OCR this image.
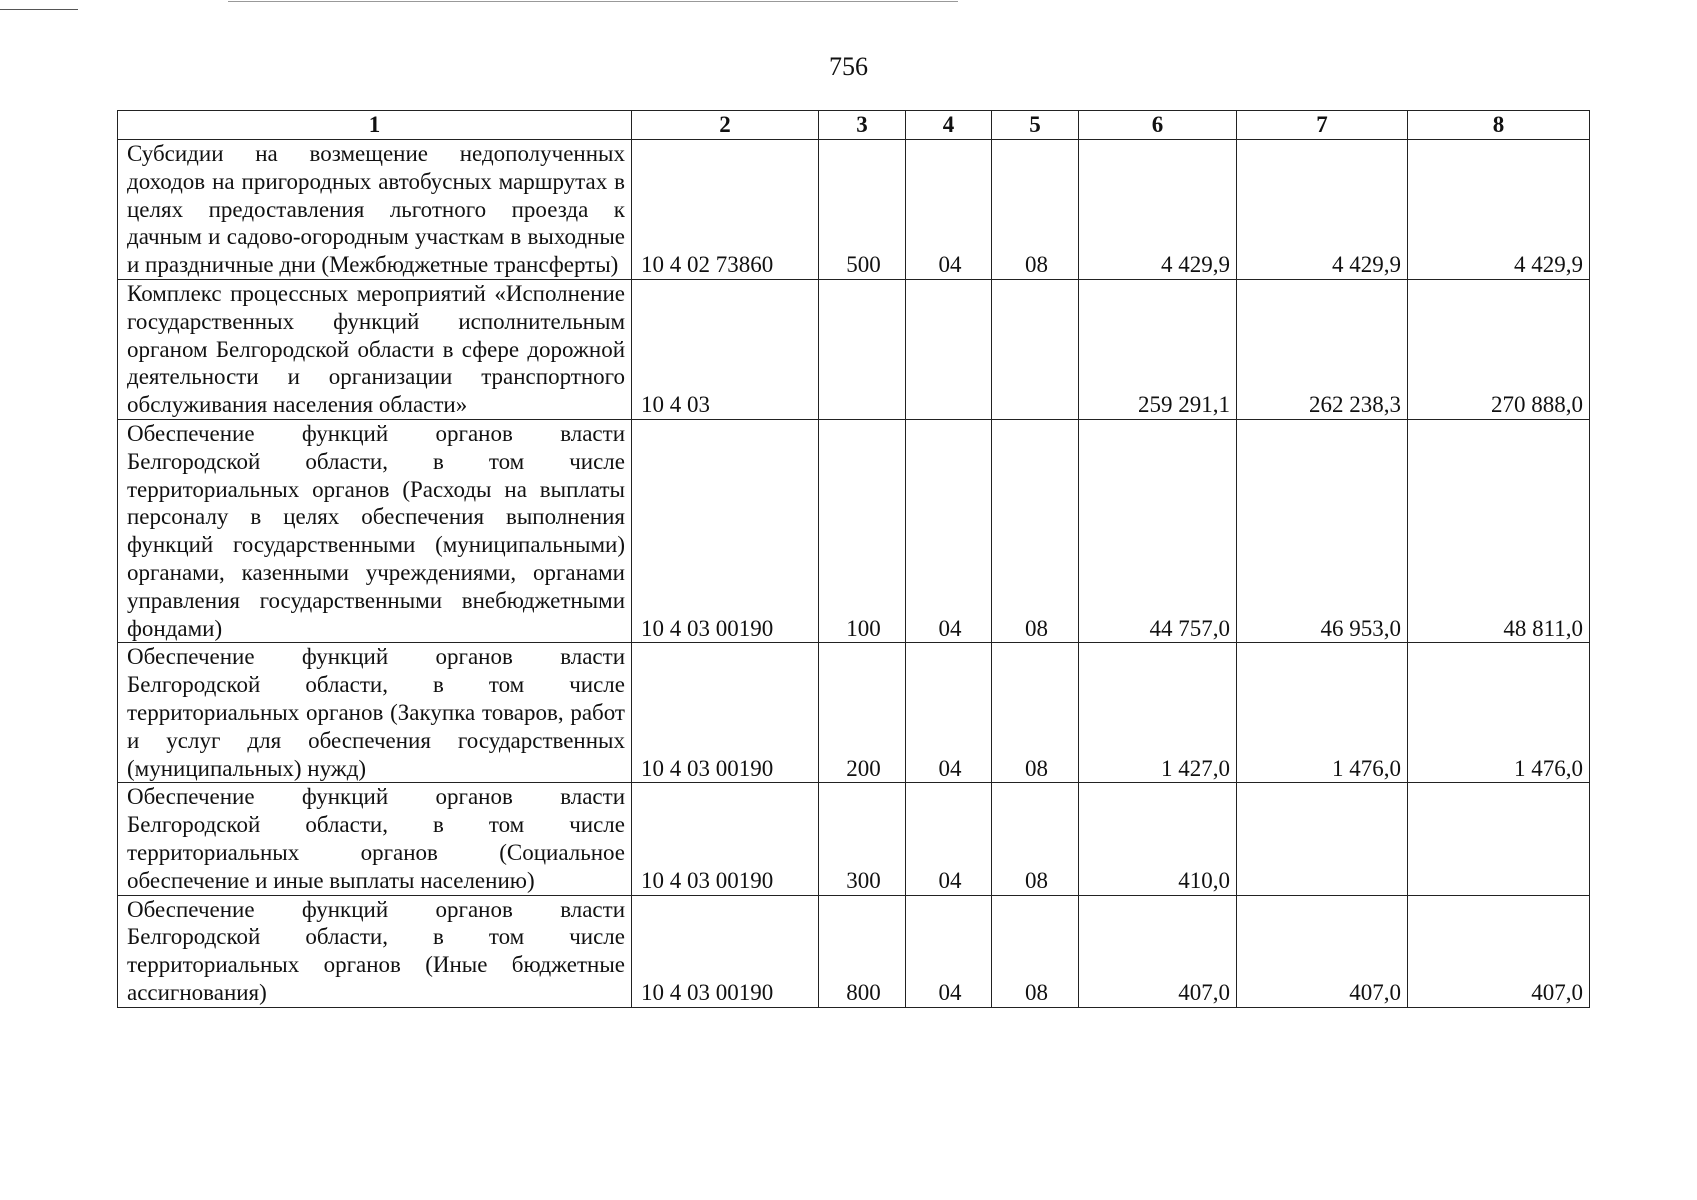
756
1	2	3	4	5	6	7	8
Субсидии на возмещение недополученных доходов на пригородных автобусных маршрутах в целях предоставления льготного проезда к дачным и садово-огородным участкам в выходные и праздничные дни (Межбюджетные трансферты)	10 4 02 73860	500	04	08	4 429,9	4 429,9	4 429,9
Комплекс процессных мероприятий «Исполнение государственных функций исполнительным органом Белгородской области в сфере дорожной деятельности и организации транспортного обслуживания населения области»	10 4 03				259 291,1	262 238,3	270 888,0
Обеспечение функций органов власти Белгородской области, в том числе территориальных органов (Расходы на выплаты персоналу в целях обеспечения выполнения функций государственными (муниципальными) органами, казенными учреждениями, органами управления государственными внебюджетными фондами)	10 4 03 00190	100	04	08	44 757,0	46 953,0	48 811,0
Обеспечение функций органов власти Белгородской области, в том числе территориальных органов (Закупка товаров, работ и услуг для обеспечения государственных (муниципальных) нужд)	10 4 03 00190	200	04	08	1 427,0	1 476,0	1 476,0
Обеспечение функций органов власти Белгородской области, в том числе территориальных органов (Социальное обеспечение и иные выплаты населению)	10 4 03 00190	300	04	08	410,0		
Обеспечение функций органов власти Белгородской области, в том числе территориальных органов (Иные бюджетные ассигнования)	10 4 03 00190	800	04	08	407,0	407,0	407,0
